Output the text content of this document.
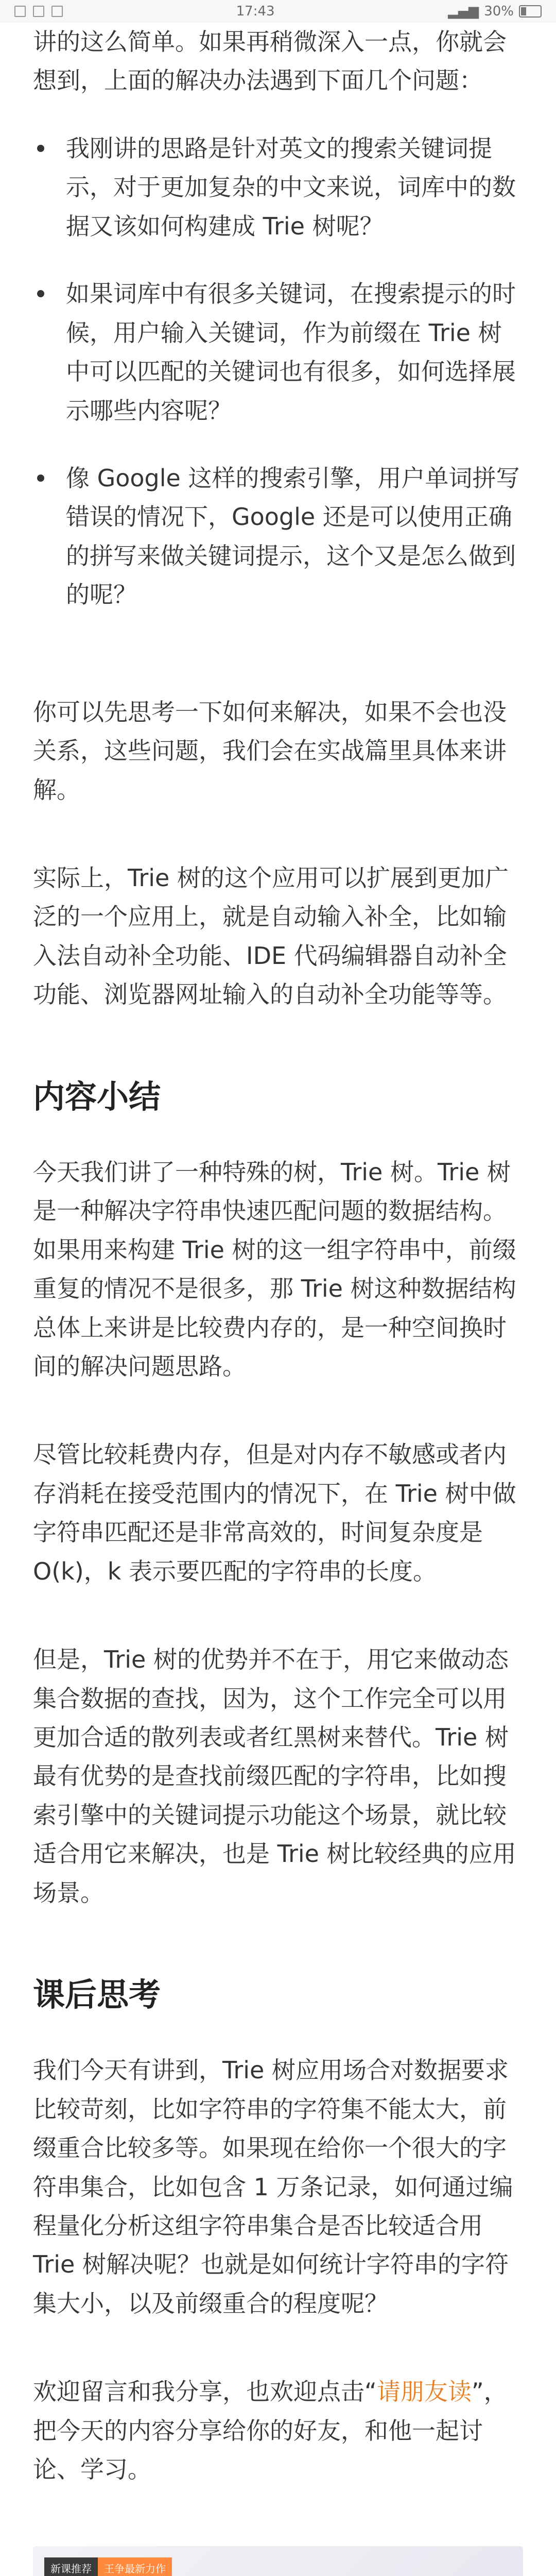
17:43	▂▄▆ 30%

讲的这么简单。如果再稍微深入一点，你就会想到，上面的解决办法遇到下面几个问题：

我刚讲的思路是针对英文的搜索关键词提示，对于更加复杂的中文来说，词库中的数据又该如何构建成 Trie 树呢？

如果词库中有很多关键词，在搜索提示的时候，用户输入关键词，作为前缀在 Trie 树中可以匹配的关键词也有很多，如何选择展示哪些内容呢？

像 Google 这样的搜索引擎，用户单词拼写错误的情况下，Google 还是可以使用正确的拼写来做关键词提示，这个又是怎么做到的呢？

你可以先思考一下如何来解决，如果不会也没关系，这些问题，我们会在实战篇里具体来讲解。

实际上，Trie 树的这个应用可以扩展到更加广泛的一个应用上，就是自动输入补全，比如输入法自动补全功能、IDE 代码编辑器自动补全功能、浏览器网址输入的自动补全功能等等。

内容小结

今天我们讲了一种特殊的树，Trie 树。Trie 树是一种解决字符串快速匹配问题的数据结构。如果用来构建 Trie 树的这一组字符串中，前缀重复的情况不是很多，那 Trie 树这种数据结构总体上来讲是比较费内存的，是一种空间换时间的解决问题思路。

尽管比较耗费内存，但是对内存不敏感或者内存消耗在接受范围内的情况下，在 Trie 树中做字符串匹配还是非常高效的，时间复杂度是 O(k)，k 表示要匹配的字符串的长度。

但是，Trie 树的优势并不在于，用它来做动态集合数据的查找，因为，这个工作完全可以用更加合适的散列表或者红黑树来替代。Trie 树最有优势的是查找前缀匹配的字符串，比如搜索引擎中的关键词提示功能这个场景，就比较适合用它来解决，也是 Trie 树比较经典的应用场景。

课后思考

我们今天有讲到，Trie 树应用场合对数据要求比较苛刻，比如字符串的字符集不能太大，前缀重合比较多等。如果现在给你一个很大的字符串集合，比如包含 1 万条记录，如何通过编程量化分析这组字符串集合是否比较适合用 Trie 树解决呢？也就是如何统计字符串的字符集大小，以及前缀重合的程度呢？

欢迎留言和我分享，也欢迎点击“请朋友读”，把今天的内容分享给你的好友，和他一起讨论、学习。

新课推荐	王争最新力作
